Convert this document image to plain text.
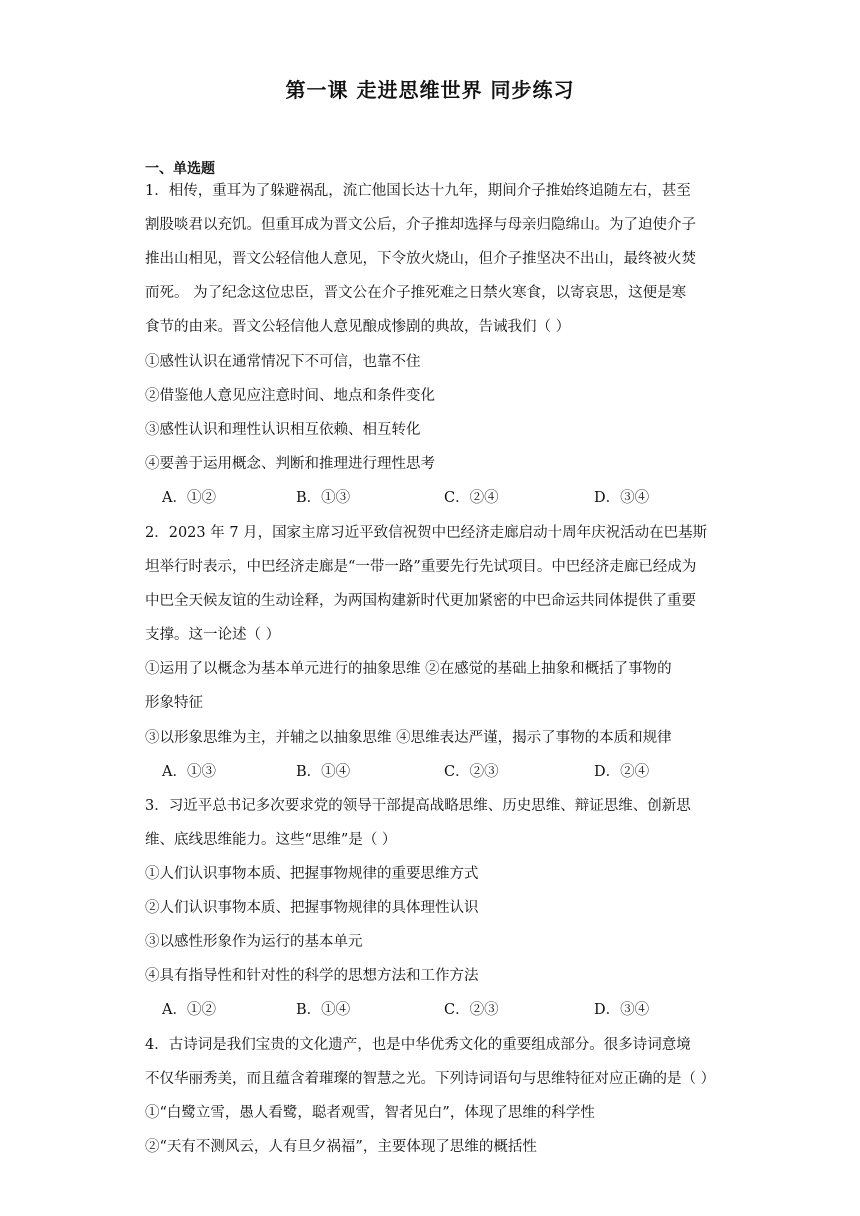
第一课 走进思维世界 同步练习
一、单选题
1．相传，重耳为了躲避祸乱，流亡他国长达十九年，期间介子推始终追随左右，甚至
割股啖君以充饥。但重耳成为晋文公后，介子推却选择与母亲归隐绵山。为了迫使介子
推出山相见，晋文公轻信他人意见，下令放火烧山，但介子推坚决不出山，最终被火焚
而死。 为了纪念这位忠臣，晋文公在介子推死难之日禁火寒食，以寄哀思，这便是寒
食节的由来。晋文公轻信他人意见酿成惨剧的典故，告诫我们（ ）
①感性认识在通常情况下不可信，也靠不住
②借鉴他人意见应注意时间、地点和条件变化
③感性认识和理性认识相互依赖、相互转化
④要善于运用概念、判断和推理进行理性思考
A．①②	B．①③	C．②④	D．③④
2．2023 年 7 月，国家主席习近平致信祝贺中巴经济走廊启动十周年庆祝活动在巴基斯
坦举行时表示，中巴经济走廊是“一带一路”重要先行先试项目。中巴经济走廊已经成为
中巴全天候友谊的生动诠释，为两国构建新时代更加紧密的中巴命运共同体提供了重要
支撑。这一论述（ ）
①运用了以概念为基本单元进行的抽象思维 ②在感觉的基础上抽象和概括了事物的
形象特征
③以形象思维为主，并辅之以抽象思维 ④思维表达严谨，揭示了事物的本质和规律
A．①③	B．①④	C．②③	D．②④
3．习近平总书记多次要求党的领导干部提高战略思维、历史思维、辩证思维、创新思
维、底线思维能力。这些“思维”是（ ）
①人们认识事物本质、把握事物规律的重要思维方式
②人们认识事物本质、把握事物规律的具体理性认识
③以感性形象作为运行的基本单元
④具有指导性和针对性的科学的思想方法和工作方法
A．①②	B．①④	C．②③	D．③④
4．古诗词是我们宝贵的文化遗产，也是中华优秀文化的重要组成部分。很多诗词意境
不仅华丽秀美，而且蕴含着璀璨的智慧之光。下列诗词语句与思维特征对应正确的是（ ）
①“白鹭立雪，愚人看鹭，聪者观雪，智者见白”，体现了思维的科学性
②“天有不测风云，人有旦夕祸福”，主要体现了思维的概括性
